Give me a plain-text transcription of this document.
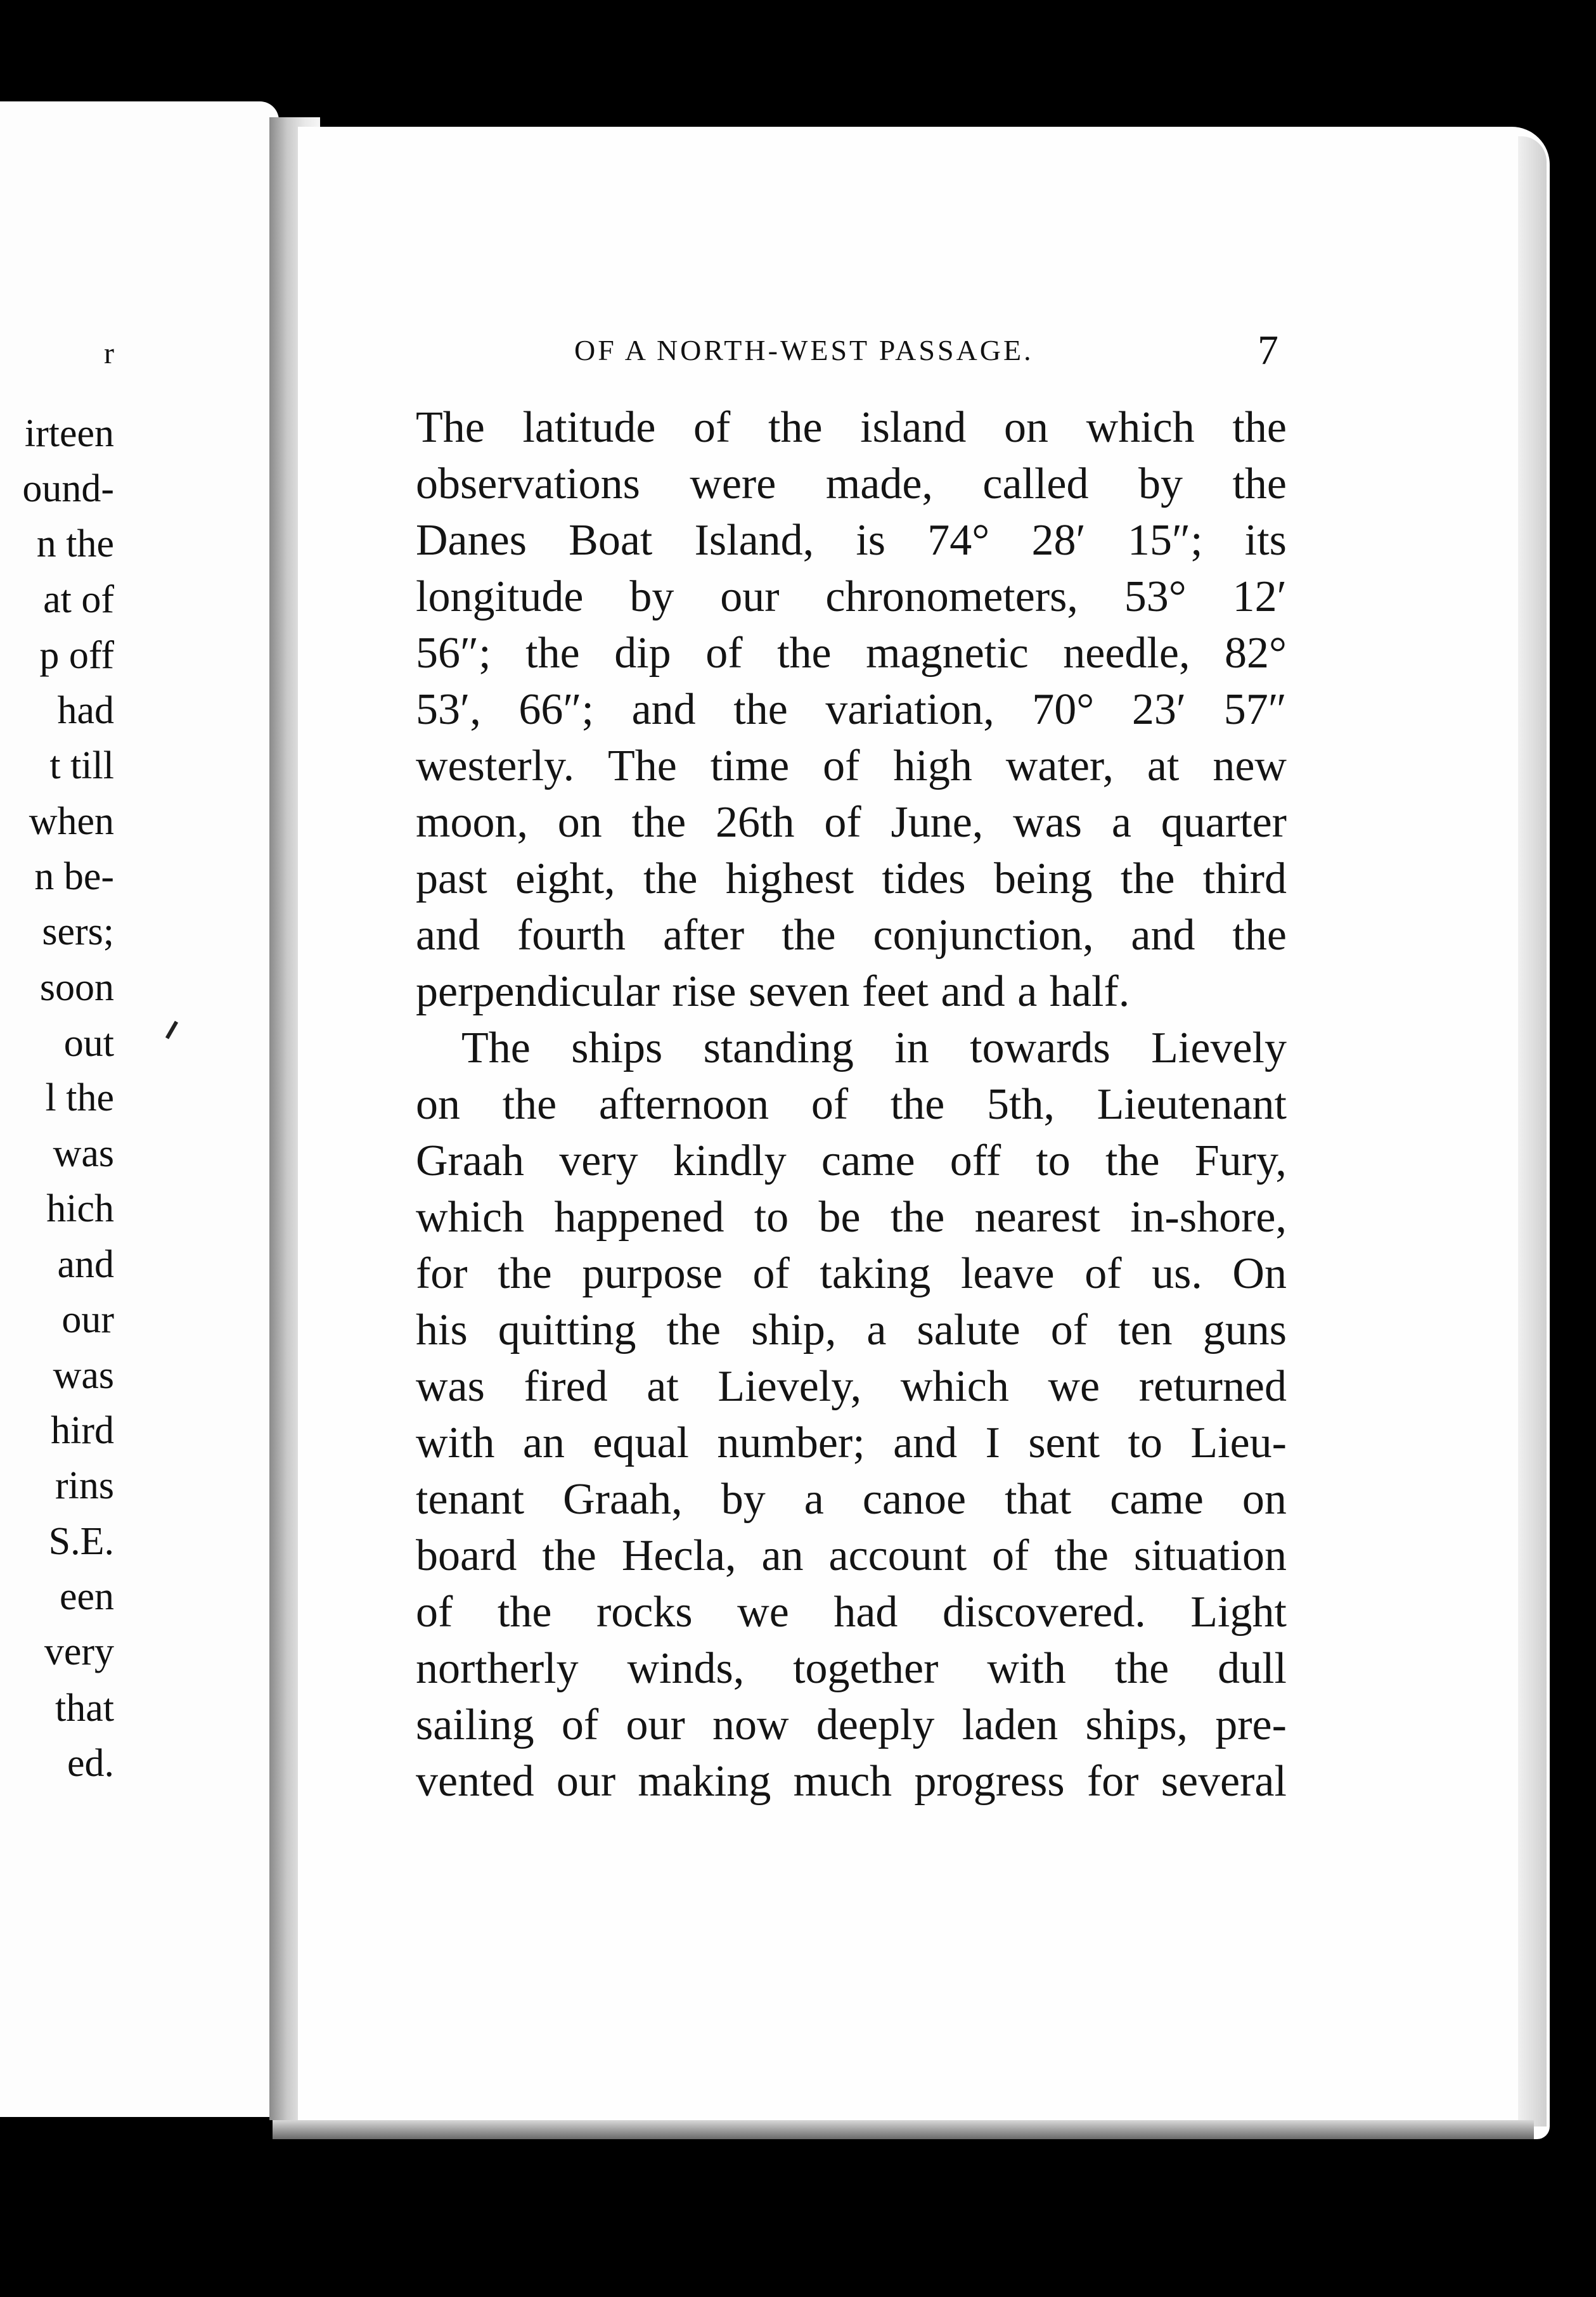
r
irteen
ound-
n the
at of
p off
had
t till
when
n be-
sers;
soon
out
l the
was
hich
and
our
was
hird
rins
S.E.
een
very
that
ed.
OF A NORTH-WEST PASSAGE.	7
The latitude of the island on which the
observations were made, called by the
Danes Boat Island, is 74° 28′ 15″; its
longitude by our chronometers, 53° 12′
56″; the dip of the magnetic needle, 82°
53′, 66″; and the variation, 70° 23′ 57″
westerly. The time of high water, at new
moon, on the 26th of June, was a quarter
past eight, the highest tides being the third
and fourth after the conjunction, and the
perpendicular rise seven feet and a half.
The ships standing in towards Lievely
on the afternoon of the 5th, Lieutenant
Graah very kindly came off to the Fury,
which happened to be the nearest in-shore,
for the purpose of taking leave of us. On
his quitting the ship, a salute of ten guns
was fired at Lievely, which we returned
with an equal number; and I sent to Lieu-
tenant Graah, by a canoe that came on
board the Hecla, an account of the situation
of the rocks we had discovered. Light
northerly winds, together with the dull
sailing of our now deeply laden ships, pre-
vented our making much progress for several
